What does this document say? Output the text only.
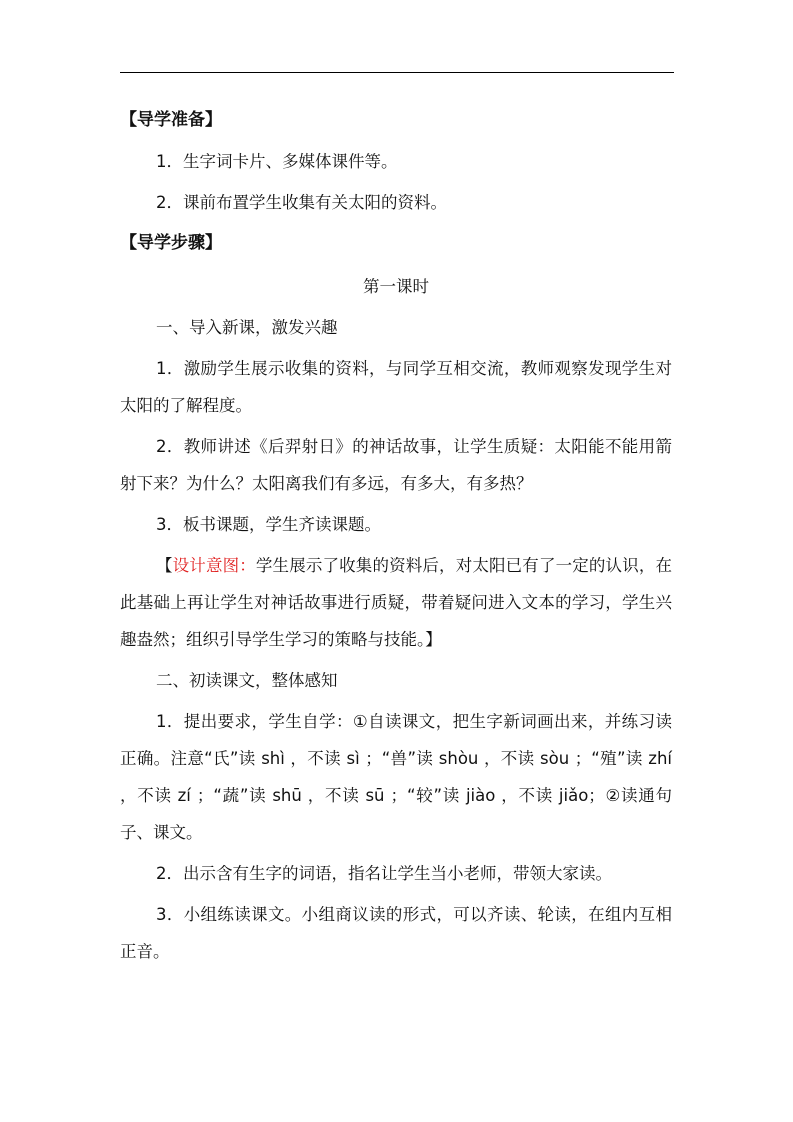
【导学准备】

1．生字词卡片、多媒体课件等。

2．课前布置学生收集有关太阳的资料。

【导学步骤】

第一课时

一、导入新课，激发兴趣

1．激励学生展示收集的资料，与同学互相交流，教师观察发现学生对太阳的了解程度。

2．教师讲述《后羿射日》的神话故事，让学生质疑：太阳能不能用箭射下来？为什么？太阳离我们有多远，有多大，有多热？

3．板书课题，学生齐读课题。

【设计意图：学生展示了收集的资料后，对太阳已有了一定的认识，在此基础上再让学生对神话故事进行质疑，带着疑问进入文本的学习，学生兴趣盎然；组织引导学生学习的策略与技能。】

二、初读课文，整体感知

1．提出要求，学生自学：①自读课文，把生字新词画出来，并练习读正确。注意“氏”读 shì ，不读 sì ；“兽”读 shòu ，不读 sòu ；“殖”读 zhí ，不读 zí ；“蔬”读 shū ，不读 sū ；“较”读 jiào ，不读 jiǎo；②读通句子、课文。

2．出示含有生字的词语，指名让学生当小老师，带领大家读。

3．小组练读课文。小组商议读的形式，可以齐读、轮读，在组内互相正音。
